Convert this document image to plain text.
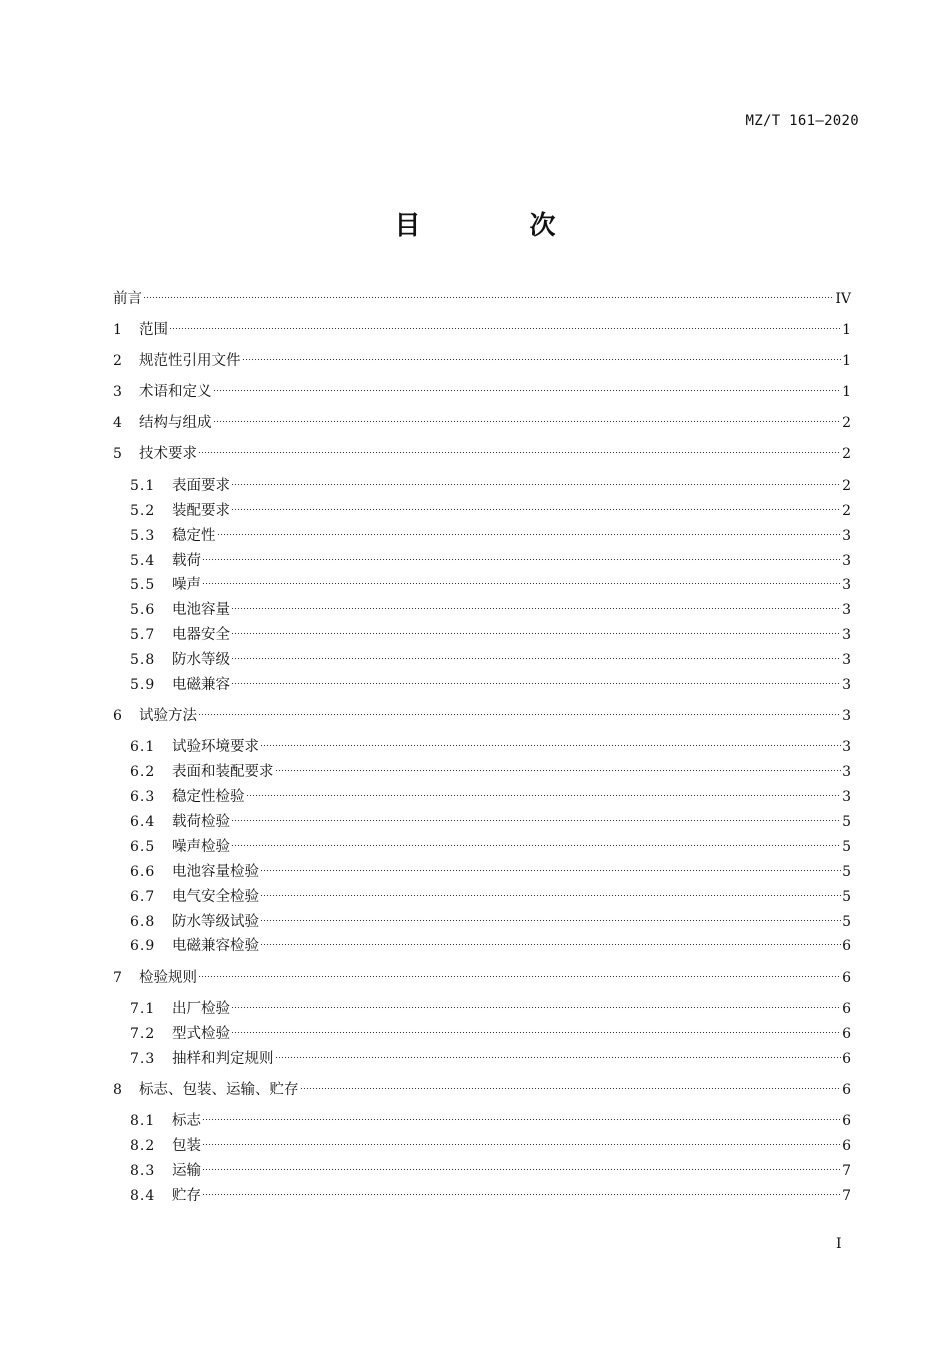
MZ/T 161—2020
目 次
前言	IV
1	范围	1
2	规范性引用文件	1
3	术语和定义	1
4	结构与组成	2
5	技术要求	2
5.1	表面要求	2
5.2	装配要求	2
5.3	稳定性	3
5.4	载荷	3
5.5	噪声	3
5.6	电池容量	3
5.7	电器安全	3
5.8	防水等级	3
5.9	电磁兼容	3
6	试验方法	3
6.1	试验环境要求	3
6.2	表面和装配要求	3
6.3	稳定性检验	3
6.4	载荷检验	5
6.5	噪声检验	5
6.6	电池容量检验	5
6.7	电气安全检验	5
6.8	防水等级试验	5
6.9	电磁兼容检验	6
7	检验规则	6
7.1	出厂检验	6
7.2	型式检验	6
7.3	抽样和判定规则	6
8	标志、包装、运输、贮存	6
8.1	标志	6
8.2	包装	6
8.3	运输	7
8.4	贮存	7
I
